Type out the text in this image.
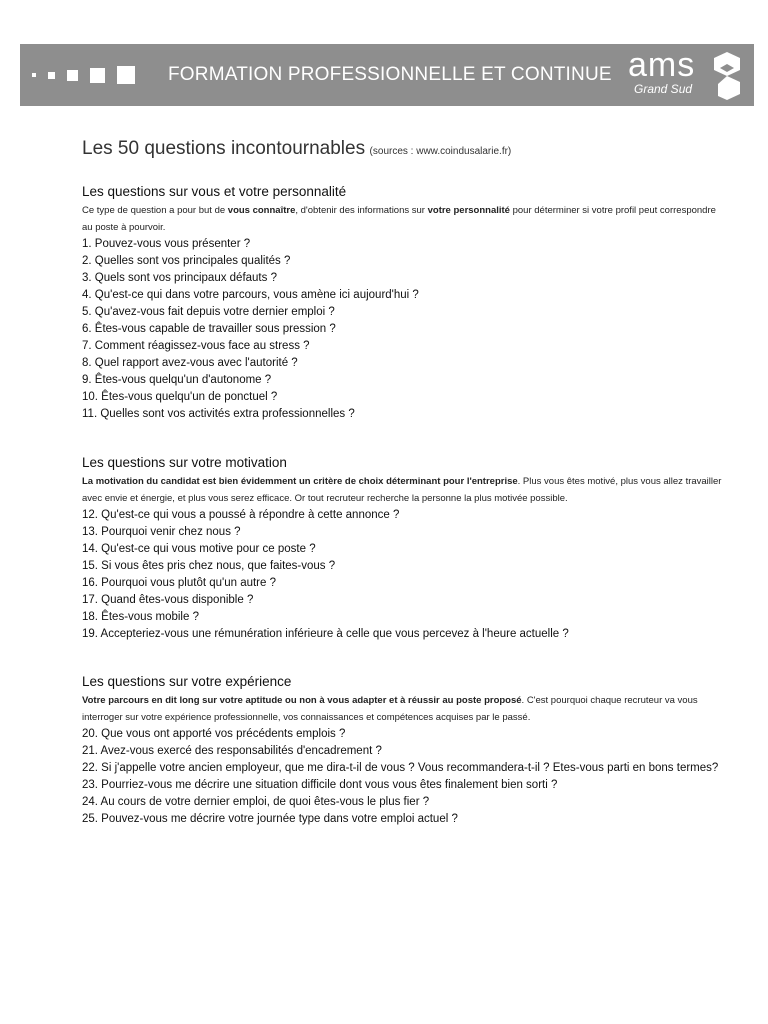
FORMATION PROFESSIONNELLE ET CONTINUE ams
Grand Sud
Les 50 questions incontournables (sources : www.coindusalarie.fr)
Les questions sur vous et votre personnalité

Ce type de question a pour but de vous connaître, d'obtenir des informations sur votre personnalité pour déterminer si votre profil peut correspondre au poste à pourvoir.

1. Pouvez-vous vous présenter ?
2. Quelles sont vos principales qualités ?
3. Quels sont vos principaux défauts ?
4. Qu'est-ce qui dans votre parcours, vous amène ici aujourd'hui ?
5. Qu'avez-vous fait depuis votre dernier emploi ?
6. Êtes-vous capable de travailler sous pression ?
7. Comment réagissez-vous face au stress ?
8. Quel rapport avez-vous avec l'autorité ?
9. Êtes-vous quelqu'un d'autonome ?
10. Êtes-vous quelqu'un de ponctuel ?
11. Quelles sont vos activités extra professionnelles ?
Les questions sur votre motivation

La motivation du candidat est bien évidemment un critère de choix déterminant pour l'entreprise. Plus vous êtes motivé, plus vous allez travailler avec envie et énergie, et plus vous serez efficace. Or tout recruteur recherche la personne la plus motivée possible.

12. Qu'est-ce qui vous a poussé à répondre à cette annonce ?
13. Pourquoi venir chez nous ?
14. Qu'est-ce qui vous motive pour ce poste ?
15. Si vous êtes pris chez nous, que faites-vous ?
16. Pourquoi vous plutôt qu'un autre ?
17. Quand êtes-vous disponible ?
18. Êtes-vous mobile ?
19. Accepteriez-vous une rémunération inférieure à celle que vous percevez à l'heure actuelle ?
Les questions sur votre expérience

Votre parcours en dit long sur votre aptitude ou non à vous adapter et à réussir au poste proposé. C'est pourquoi chaque recruteur va vous interroger sur votre expérience professionnelle, vos connaissances et compétences acquises par le passé.

20. Que vous ont apporté vos précédents emplois ?
21. Avez-vous exercé des responsabilités d'encadrement ?
22. Si j'appelle votre ancien employeur, que me dira-t-il de vous ? Vous recommandera-t-il ? Etes-vous parti en bons termes?
23. Pourriez-vous me décrire une situation difficile dont vous vous êtes finalement bien sorti ?
24. Au cours de votre dernier emploi, de quoi êtes-vous le plus fier ?
25. Pouvez-vous me décrire votre journée type dans votre emploi actuel ?
